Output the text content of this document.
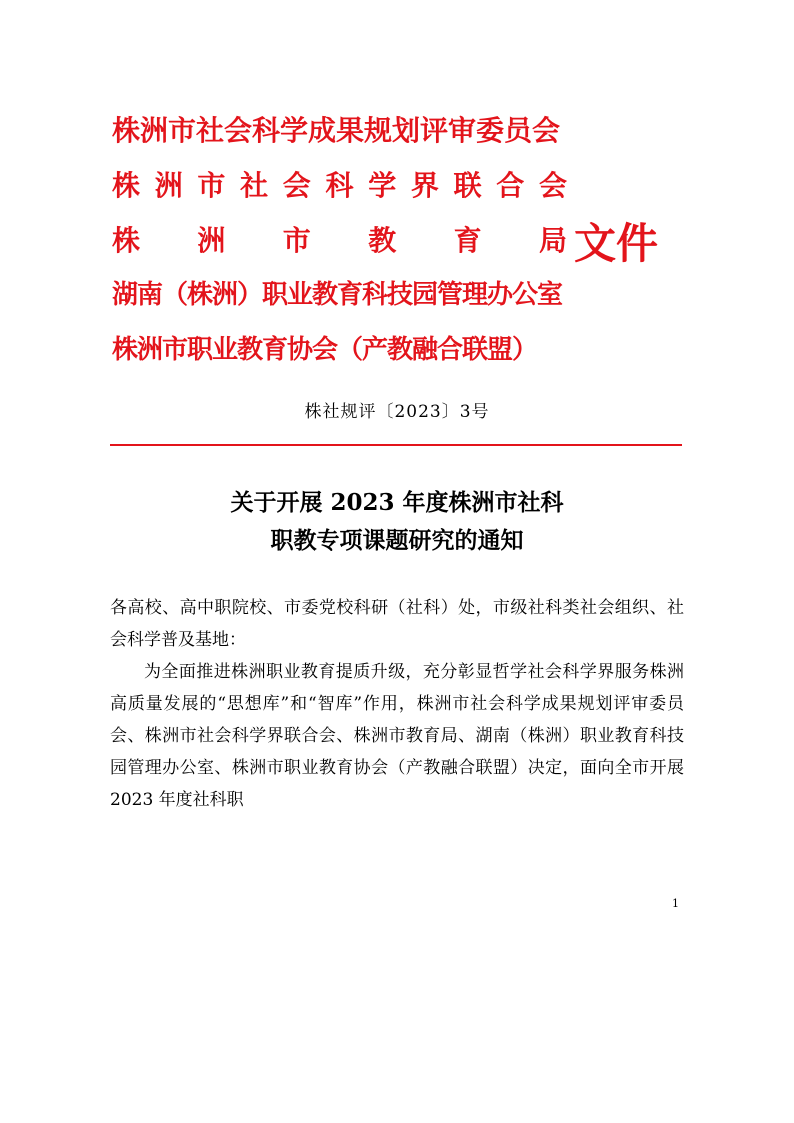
株洲市社会科学成果规划评审委员会
株洲市社会科学界联合会
株洲市教育局
湖南（株洲）职业教育科技园管理办公室
株洲市职业教育协会（产教融合联盟）
文件
株社规评〔2023〕3号
关于开展 2023 年度株洲市社科
职教专项课题研究的通知

各高校、高中职院校、市委党校科研（社科）处，市级社科类社会组织、社会科学普及基地：

为全面推进株洲职业教育提质升级，充分彰显哲学社会科学界服务株洲高质量发展的“思想库”和“智库”作用，株洲市社会科学成果规划评审委员会、株洲市社会科学界联合会、株洲市教育局、湖南（株洲）职业教育科技园管理办公室、株洲市职业教育协会（产教融合联盟）决定，面向全市开展 2023 年度社科职

1
